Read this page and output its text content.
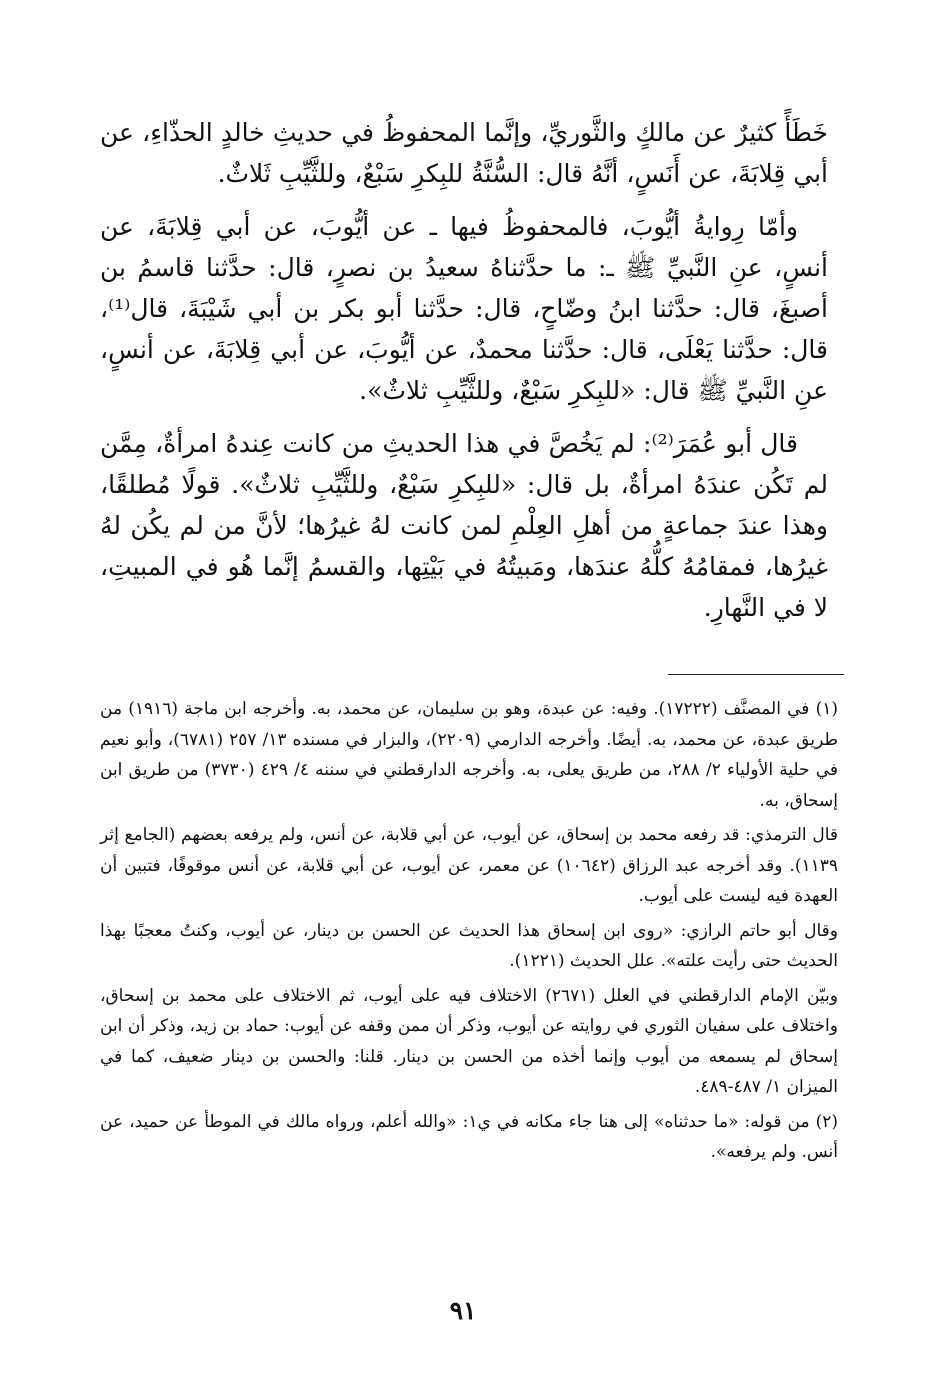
خَطَأً كثيرٌ عن مالكٍ والثَّوريِّ، وإنَّما المحفوظُ في حديثِ خالدٍ الحذّاءِ، عن أبي قِلابَةَ، عن أَنَسٍ، أنَّهُ قال: السُّنَّةُ للبِكرِ سَبْعٌ، وللثَّيِّبِ ثَلاثٌ.

وأمّا رِوايةُ أيُّوبَ، فالمحفوظُ فيها ـ عن أيُّوبَ، عن أبي قِلابَةَ، عن أنسٍ، عنِ النَّبيِّ ﷺ ـ: ما حدَّثناهُ سعيدُ بن نصرٍ، قال: حدَّثنا قاسمُ بن أصبغَ، قال: حدَّثنا ابنُ وضّاحٍ، قال: حدَّثنا أبو بكر بن أبي شَيْبَةَ، قال⁽¹⁾، قال: حدَّثنا يَعْلَى، قال: حدَّثنا محمدٌ، عن أيُّوبَ، عن أبي قِلابَةَ، عن أنسٍ، عنِ النَّبيِّ ﷺ قال: «للبِكرِ سَبْعٌ، وللثَّيِّبِ ثلاثٌ».

قال أبو عُمَرَ⁽²⁾: لم يَخُصَّ في هذا الحديثِ من كانت عِندهُ امرأةٌ، مِمَّن لم تَكُن عندَهُ امرأةٌ، بل قال: «للبِكرِ سَبْعٌ، وللثَّيِّبِ ثلاثٌ». قولًا مُطلقًا، وهذا عندَ جماعةٍ من أهلِ العِلْمِ لمن كانت لهُ غيرُها؛ لأنَّ من لم يكُن لهُ غيرُها، فمقامُهُ كلُّهُ عندَها، ومَبيتُهُ في بَيْتِها، والقسمُ إنَّما هُو في المبيتِ، لا في النَّهارِ.

(١) في المصنَّف (١٧٢٢٢). وفيه: عن عبدة، وهو بن سليمان، عن محمد، به. وأخرجه ابن ماجة (١٩١٦) من طريق عبدة، عن محمد، به. أيضًا. وأخرجه الدارمي (٢٢٠٩)، والبزار في مسنده ١٣/ ٢٥٧ (٦٧٨١)، وأبو نعيم في حلية الأولياء ٢/ ٢٨٨، من طريق يعلى، به. وأخرجه الدارقطني في سننه ٤/ ٤٢٩ (٣٧٣٠) من طريق ابن إسحاق، به.

قال الترمذي: قد رفعه محمد بن إسحاق، عن أيوب، عن أبي قلابة، عن أنس، ولم يرفعه بعضهم (الجامع إثر ١١٣٩). وقد أخرجه عبد الرزاق (١٠٦٤٢) عن معمر، عن أيوب، عن أبي قلابة، عن أنس موقوفًا، فتبين أن العهدة فيه ليست على أيوب.

وقال أبو حاتم الرازي: «روى ابن إسحاق هذا الحديث عن الحسن بن دينار، عن أيوب، وكنتُ معجبًا بهذا الحديث حتى رأيت علته». علل الحديث (١٢٢١).

وبيّن الإمام الدارقطني في العلل (٢٦٧١) الاختلاف فيه على أيوب، ثم الاختلاف على محمد بن إسحاق، واختلاف على سفيان الثوري في روايته عن أيوب، وذكر أن ممن وقفه عن أيوب: حماد بن زيد، وذكر أن ابن إسحاق لم يسمعه من أيوب وإنما أخذه من الحسن بن دينار. قلنا: والحسن بن دينار ضعيف، كما في الميزان ١/ ٤٨٧-٤٨٩.

(٢) من قوله: «ما حدثناه» إلى هنا جاء مكانه في ي١: «والله أعلم، ورواه مالك في الموطأ عن حميد، عن أنس. ولم يرفعه».

٩١
